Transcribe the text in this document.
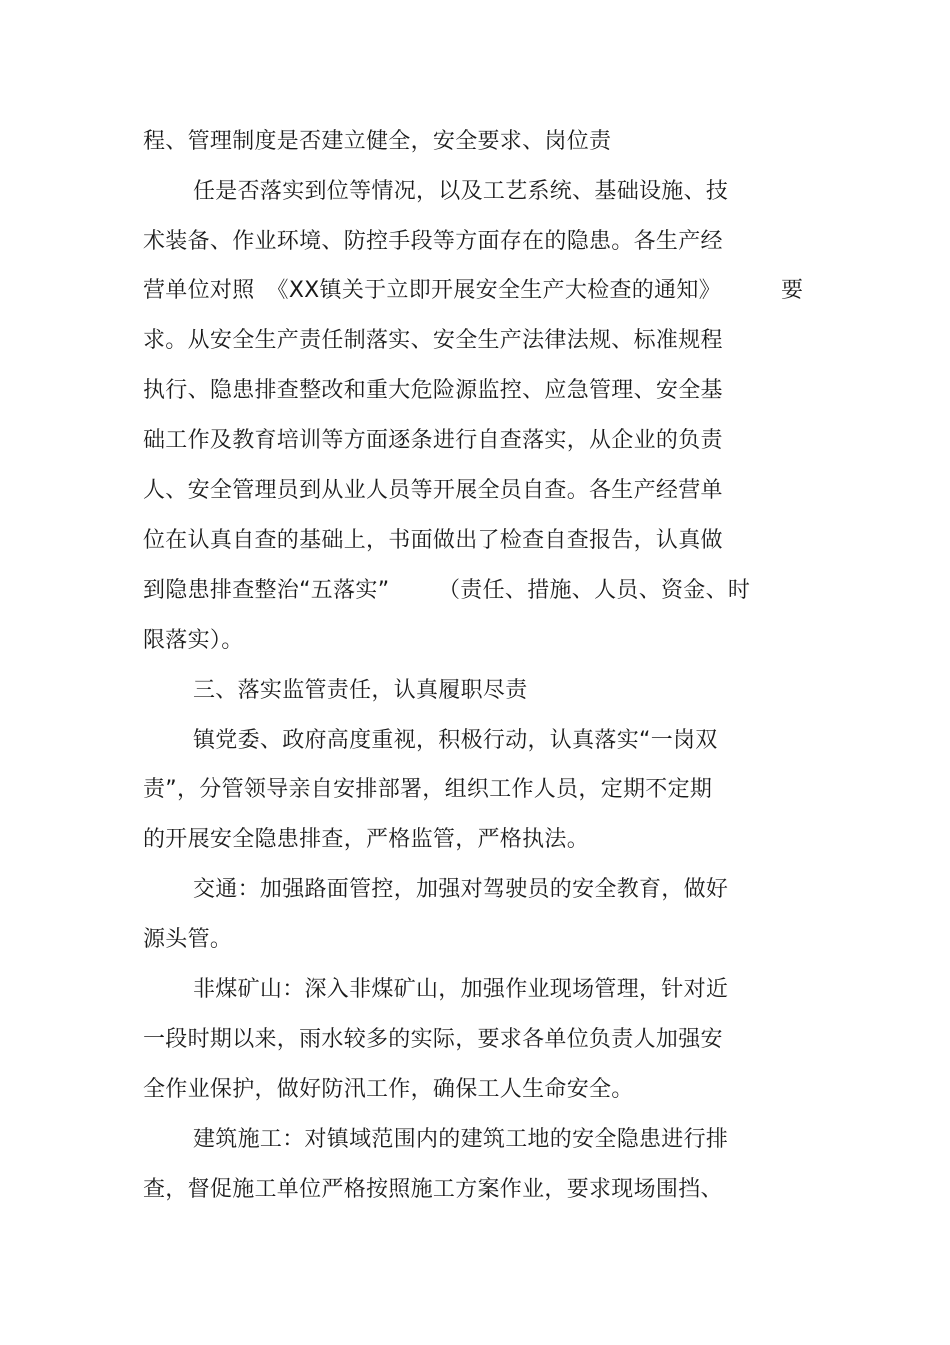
程、管理制度是否建立健全，安全要求、岗位责
任是否落实到位等情况，以及工艺系统、基础设施、技
术装备、作业环境、防控手段等方面存在的隐患。各生产经
营单位对照 《XX镇关于立即开展安全生产大检查的通知》	要
求。从安全生产责任制落实、安全生产法律法规、标准规程
执行、隐患排查整改和重大危险源监控、应急管理、安全基
础工作及教育培训等方面逐条进行自查落实，从企业的负责
人、安全管理员到从业人员等开展全员自查。各生产经营单
位在认真自查的基础上，书面做出了检查自查报告，认真做
到隐患排查整治“五落实” （责任、措施、人员、资金、时
限落实）。
三、落实监管责任，认真履职尽责
镇党委、政府高度重视，积极行动，认真落实“一岗双
责”，分管领导亲自安排部署，组织工作人员，定期不定期
的开展安全隐患排查，严格监管，严格执法。
交通：加强路面管控，加强对驾驶员的安全教育，做好
源头管。
非煤矿山：深入非煤矿山，加强作业现场管理，针对近
一段时期以来，雨水较多的实际，要求各单位负责人加强安
全作业保护，做好防汛工作，确保工人生命安全。
建筑施工：对镇域范围内的建筑工地的安全隐患进行排
查，督促施工单位严格按照施工方案作业，要求现场围挡、
